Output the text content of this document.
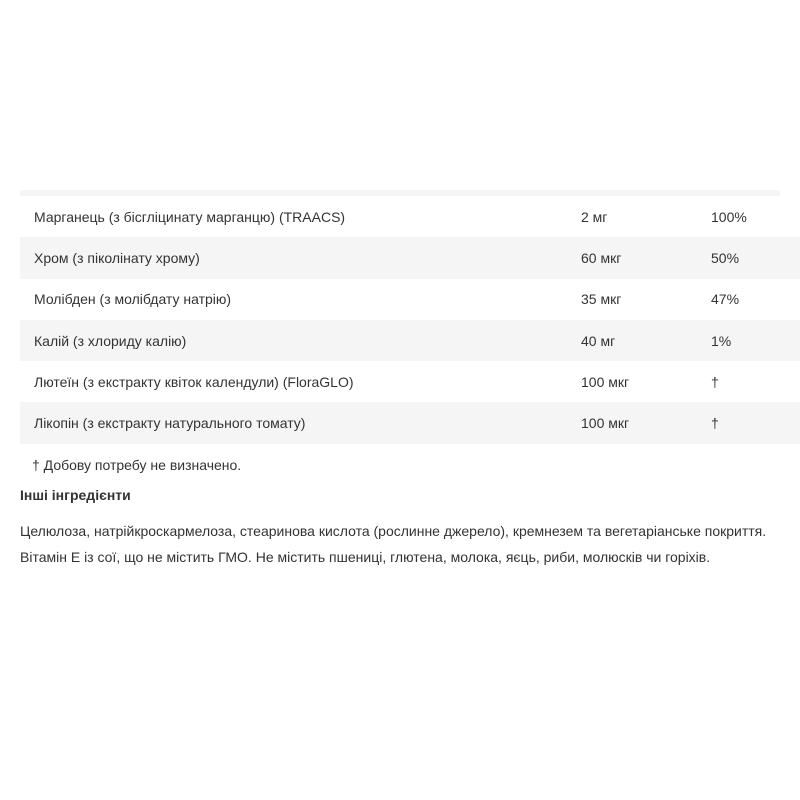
Марганець (з бісгліцинату марганцю) (TRAACS)	2 мг	100%
Хром (з піколінату хрому)	60 мкг	50%
Молібден (з молібдату натрію)	35 мкг	47%
Калій (з хлориду калію)	40 мг	1%
Лютеїн (з екстракту квіток календули) (FloraGLO)	100 мкг	†
Лікопін (з екстракту натурального томату)	100 мкг	†
† Добову потребу не визначено.
Інші інгредієнти
Целюлоза, натрійкроскармелоза, стеаринова кислота (рослинне джерело), кремнезем та вегетаріанське покриття. Вітамін Е із сої, що не містить ГМО. Не містить пшениці, глютена, молока, яєць, риби, молюсків чи горіхів.
